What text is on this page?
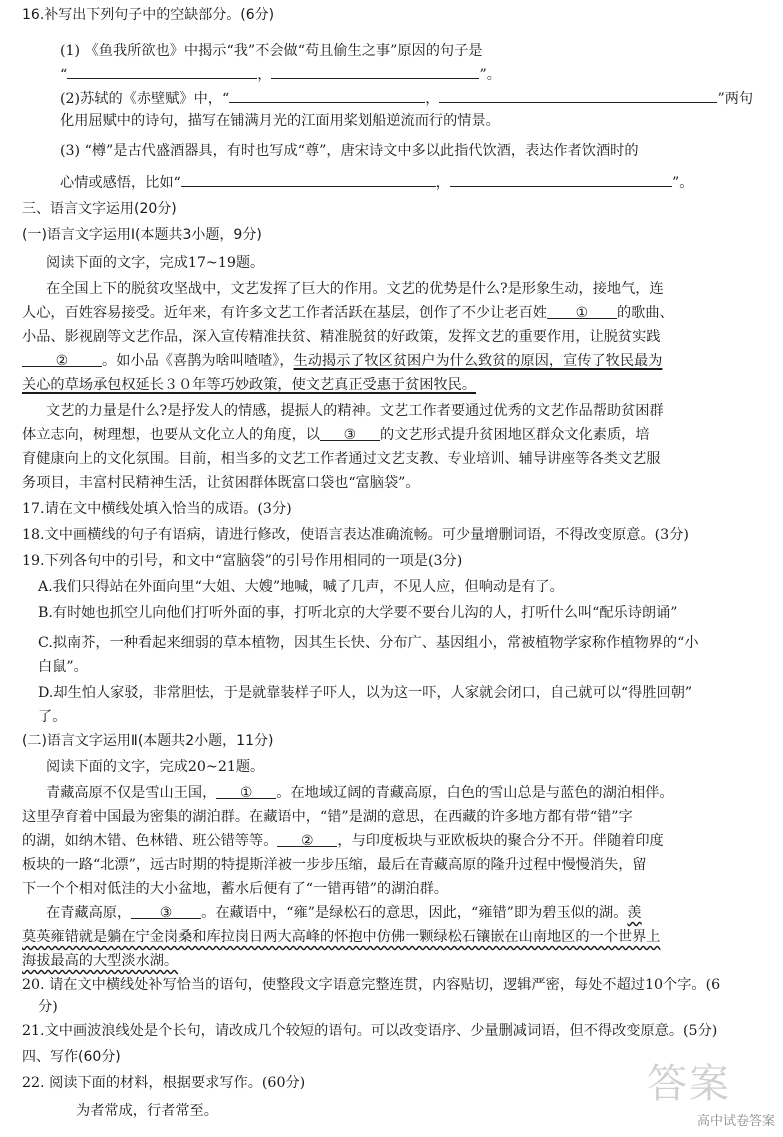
16.补写出下列句子中的空缺部分。(6分)
(1) 《鱼我所欲也》中揭示“我”不会做“苟且偷生之事”原因的句子是
“	，	”。
(2)苏轼的《赤壁赋》中，“	，	”两句
化用屈赋中的诗句，描写在铺满月光的江面用桨划船逆流而行的情景。
(3) “樽”是古代盛酒器具，有时也写成“尊”，唐宋诗文中多以此指代饮酒，表达作者饮酒时的
心情或感悟，比如“	，	”。
三、语言文字运用(20分)
(一)语言文字运用Ⅰ(本题共3小题，9分)
阅读下面的文字，完成17~19题。
在全国上下的脱贫攻坚战中，文艺发挥了巨大的作用。文艺的优势是什么?是形象生动，接地气，连
人心，百姓容易接受。近年来，有许多文艺工作者活跃在基层，创作了不少让老百姓 ① 的歌曲、
小品、影视剧等文艺作品，深入宣传精准扶贫、精准脱贫的好政策，发挥文艺的重要作用，让脱贫实践
② 。如小品《喜鹊为啥叫喳喳》，生动揭示了牧区贫困户为什么致贫的原因，宣传了牧民最为
关心的草场承包权延长３０年等巧妙政策，使文艺真正受惠于贫困牧民。
文艺的力量是什么?是抒发人的情感，提振人的精神。文艺工作者要通过优秀的文艺作品帮助贫困群
体立志向，树理想，也要从文化立人的角度，以 ③ 的文艺形式提升贫困地区群众文化素质，培
育健康向上的文化氛围。目前，相当多的文艺工作者通过文艺支教、专业培训、辅导讲座等各类文艺服
务项目，丰富村民精神生活，让贫困群体既富口袋也“富脑袋”。
17.请在文中横线处填入恰当的成语。(3分)
18.文中画横线的句子有语病，请进行修改，使语言表达准确流畅。可少量增删词语，不得改变原意。(3分)
19.下列各句中的引号，和文中“富脑袋”的引号作用相同的一项是(3分)
A.我们只得站在外面向里“大姐、大嫂”地喊，喊了几声，不见人应，但响动是有了。
B.有时她也抓空儿向他们打听外面的事，打听北京的大学要不要台儿沟的人，打听什么叫“配乐诗朗诵”
C.拟南芥，一种看起来细弱的草本植物，因其生长快、分布广、基因组小，常被植物学家称作植物界的“小
白鼠”。
D.却生怕人家驳，非常胆怯，于是就靠装样子吓人，以为这一吓，人家就会闭口，自己就可以“得胜回朝”
了。
(二)语言文字运用Ⅱ(本题共2小题，11分)
阅读下面的文字，完成20~21题。
青藏高原不仅是雪山王国， ① 。在地域辽阔的青藏高原，白色的雪山总是与蓝色的湖泊相伴。
这里孕育着中国最为密集的湖泊群。在藏语中，“错”是湖的意思，在西藏的许多地方都有带“错”字
的湖，如纳木错、色林错、班公错等等。 ② ，与印度板块与亚欧板块的聚合分不开。伴随着印度
板块的一路“北漂”，远古时期的特提斯洋被一步步压缩，最后在青藏高原的隆升过程中慢慢消失，留
下一个个相对低洼的大小盆地，蓄水后便有了“一错再错”的湖泊群。
在青藏高原， ③ 。在藏语中，“雍”是绿松石的意思，因此，“雍错”即为碧玉似的湖。羡
莫英雍错就是躺在宁金岗桑和库拉岗日两大高峰的怀抱中仿佛一颗绿松石镶嵌在山南地区的一个世界上
海拔最高的大型淡水湖。
20. 请在文中横线处补写恰当的语句，使整段文字语意完整连贯，内容贴切，逻辑严密，每处不超过10个字。(6
分)
21.文中画波浪线处是个长句，请改成几个较短的语句。可以改变语序、少量删减词语，但不得改变原意。(5分)
四、写作(60分)
22. 阅读下面的材料，根据要求写作。(60分)
为者常成，行者常至。
答案
高中试卷答案
